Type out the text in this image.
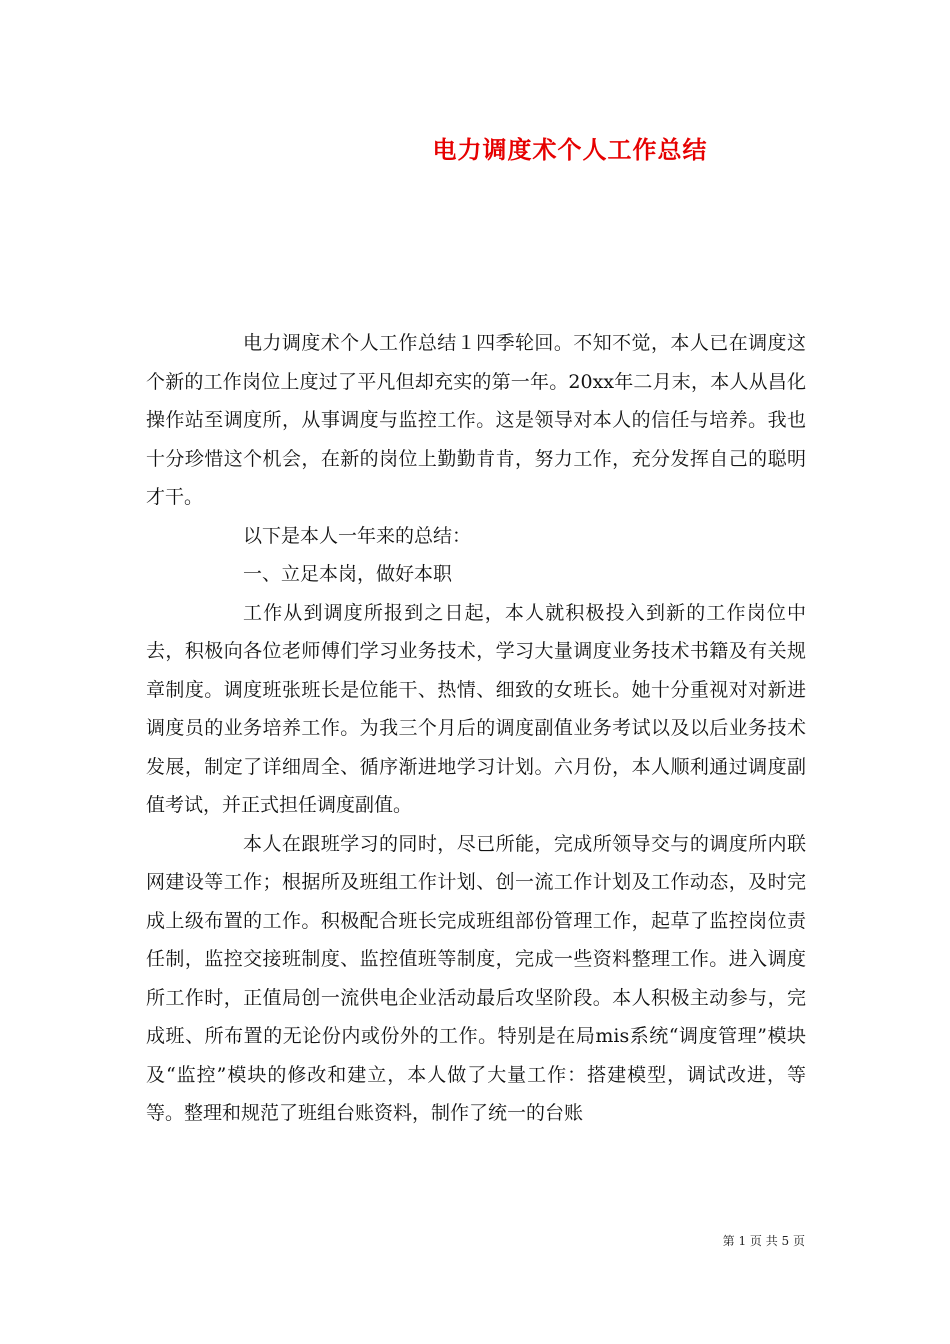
电力调度术个人工作总结

电力调度术个人工作总结１四季轮回。不知不觉，本人已在调度这个新的工作岗位上度过了平凡但却充实的第一年。20xx年二月末，本人从昌化操作站至调度所，从事调度与监控工作。这是领导对本人的信任与培养。我也十分珍惜这个机会，在新的岗位上勤勤肯肯，努力工作，充分发挥自己的聪明才干。

以下是本人一年来的总结：

一、立足本岗，做好本职

工作从到调度所报到之日起，本人就积极投入到新的工作岗位中去，积极向各位老师傅们学习业务技术，学习大量调度业务技术书籍及有关规章制度。调度班张班长是位能干、热情、细致的女班长。她十分重视对对新进调度员的业务培养工作。为我三个月后的调度副值业务考试以及以后业务技术发展，制定了详细周全、循序渐进地学习计划。六月份，本人顺利通过调度副值考试，并正式担任调度副值。

本人在跟班学习的同时，尽已所能，完成所领导交与的调度所内联网建设等工作；根据所及班组工作计划、创一流工作计划及工作动态，及时完成上级布置的工作。积极配合班长完成班组部份管理工作，起草了监控岗位责任制，监控交接班制度、监控值班等制度，完成一些资料整理工作。进入调度所工作时，正值局创一流供电企业活动最后攻坚阶段。本人积极主动参与，完成班、所布置的无论份内或份外的工作。特别是在局mis系统“调度管理”模块及“监控”模块的修改和建立，本人做了大量工作：搭建模型，调试改进，等等。整理和规范了班组台账资料，制作了统一的台账

第 1 页 共 5 页
